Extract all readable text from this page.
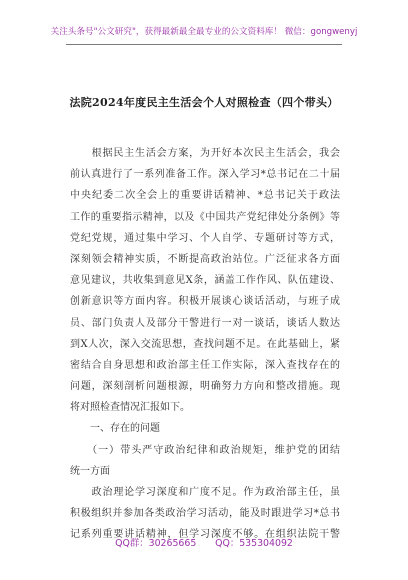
关注头条号"公文研究"，获得最新最全最专业的公文资料库！ 微信：gongwenyj
法院2024年度民主生活会个人对照检查（四个带头）
　　根据民主生活会方案，为开好本次民主生活会，我会
前认真进行了一系列准备工作。深入学习*总书记在二十届
中央纪委二次全会上的重要讲话精神、*总书记关于政法
工作的重要指示精神，以及《中国共产党纪律处分条例》等
党纪党规，通过集中学习、个人自学、专题研讨等方式，
深刻领会精神实质，不断提高政治站位。广泛征求各方面
意见建议，共收集到意见X条，涵盖工作作风、队伍建设、
创新意识等方面内容。积极开展谈心谈话活动，与班子成
员、部门负责人及部分干警进行一对一谈话，谈话人数达
到X人次，深入交流思想，查找问题不足。在此基础上，紧
密结合自身思想和政治部主任工作实际，深入查找存在的
问题，深刻剖析问题根源，明确努力方向和整改措施。现
将对照检查情况汇报如下。
　　一、存在的问题
　　（一）带头严守政治纪律和政治规矩，维护党的团结
统一方面
　　政治理论学习深度和广度不足。作为政治部主任，虽
积极组织并参加各类政治学习活动，能及时跟进学习*总书
记系列重要讲话精神，但学习深度不够。在组织法院干警
QQ群：30265665　　QQ：535304092
